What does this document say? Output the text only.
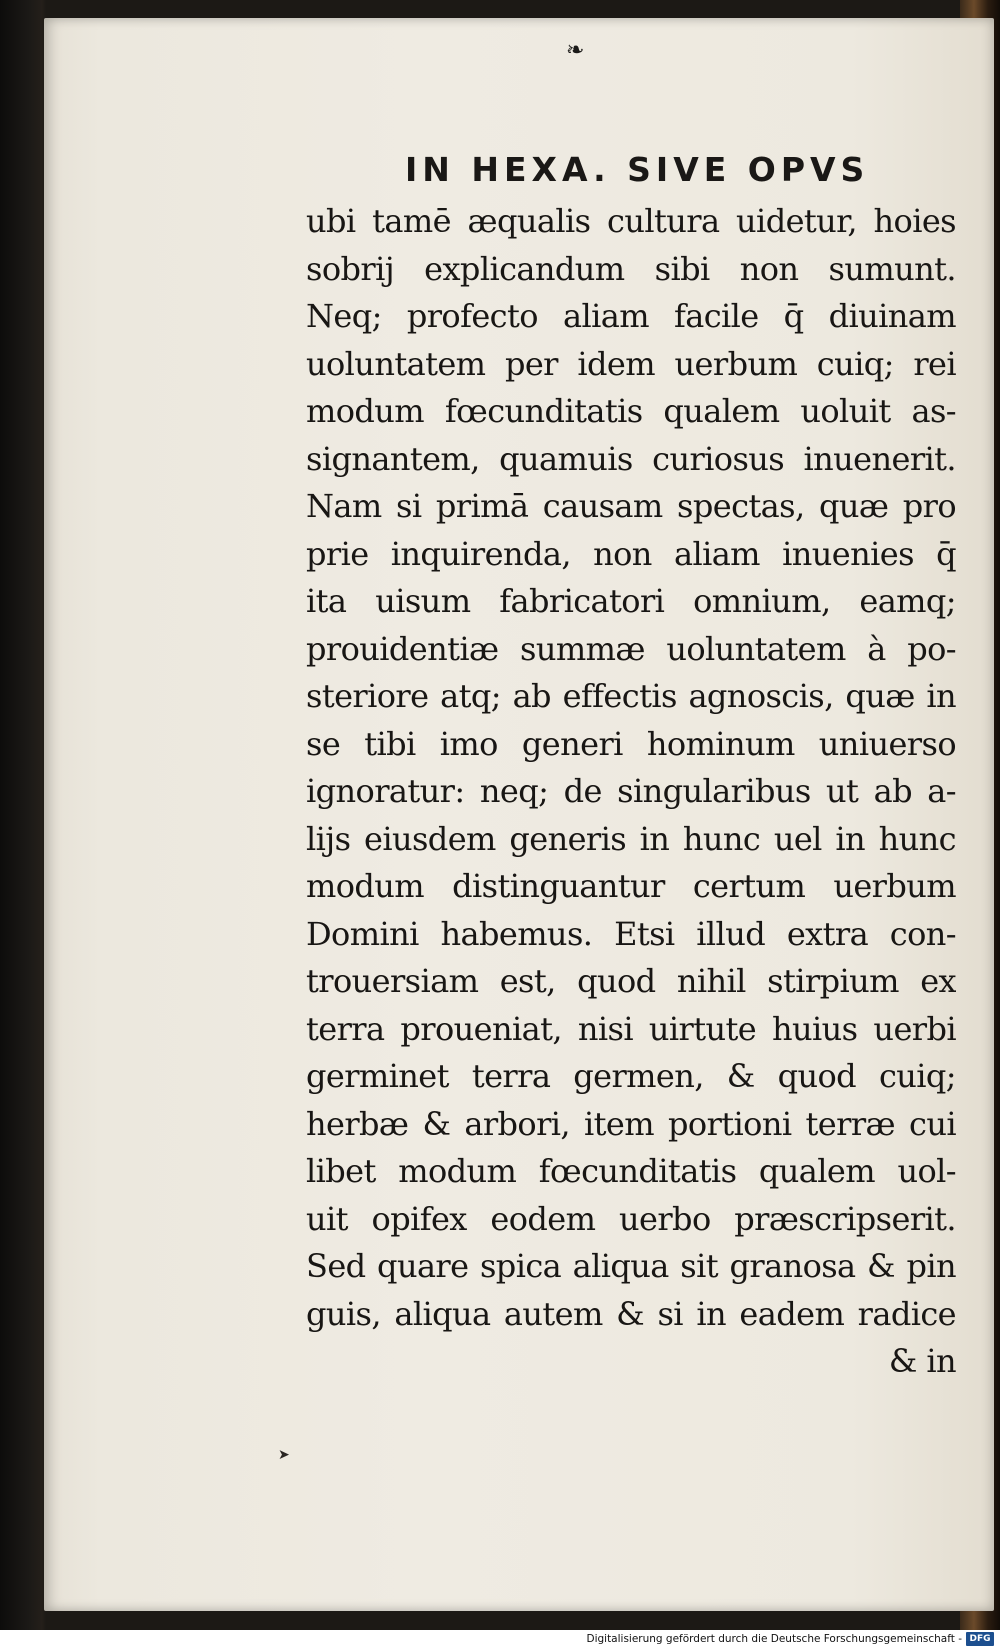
❧
IN HEXA. SIVE OPVS
ubi tamē æqualis cultura uidetur, hoies
sobrij explicandum sibi non sumunt.
Neq; profecto aliam facile q̄ diuinam
uoluntatem per idem uerbum cuiq; rei
modum fœcunditatis qualem uoluit as-
signantem, quamuis curiosus inuenerit.
Nam si primā causam spectas, quæ pro
prie inquirenda, non aliam inuenies q̄
ita uisum fabricatori omnium, eamq;
prouidentiæ summæ uoluntatem à po-
steriore atq; ab effectis agnoscis, quæ in
se tibi imo generi hominum uniuerso
ignoratur: neq; de singularibus ut ab a-
lijs eiusdem generis in hunc uel in hunc
modum distinguantur certum uerbum
Domini habemus. Etsi illud extra con-
trouersiam est, quod nihil stirpium ex
terra proueniat, nisi uirtute huius uerbi
germinet terra germen, & quod cuiq;
herbæ & arbori, item portioni terræ cui
libet modum fœcunditatis qualem uol-
uit opifex eodem uerbo præscripserit.
Sed quare spica aliqua sit granosa & pin
guis, aliqua autem & si in eadem radice
& in
➤
Digitalisierung gefördert durch die Deutsche Forschungsgemeinschaft - DFG
